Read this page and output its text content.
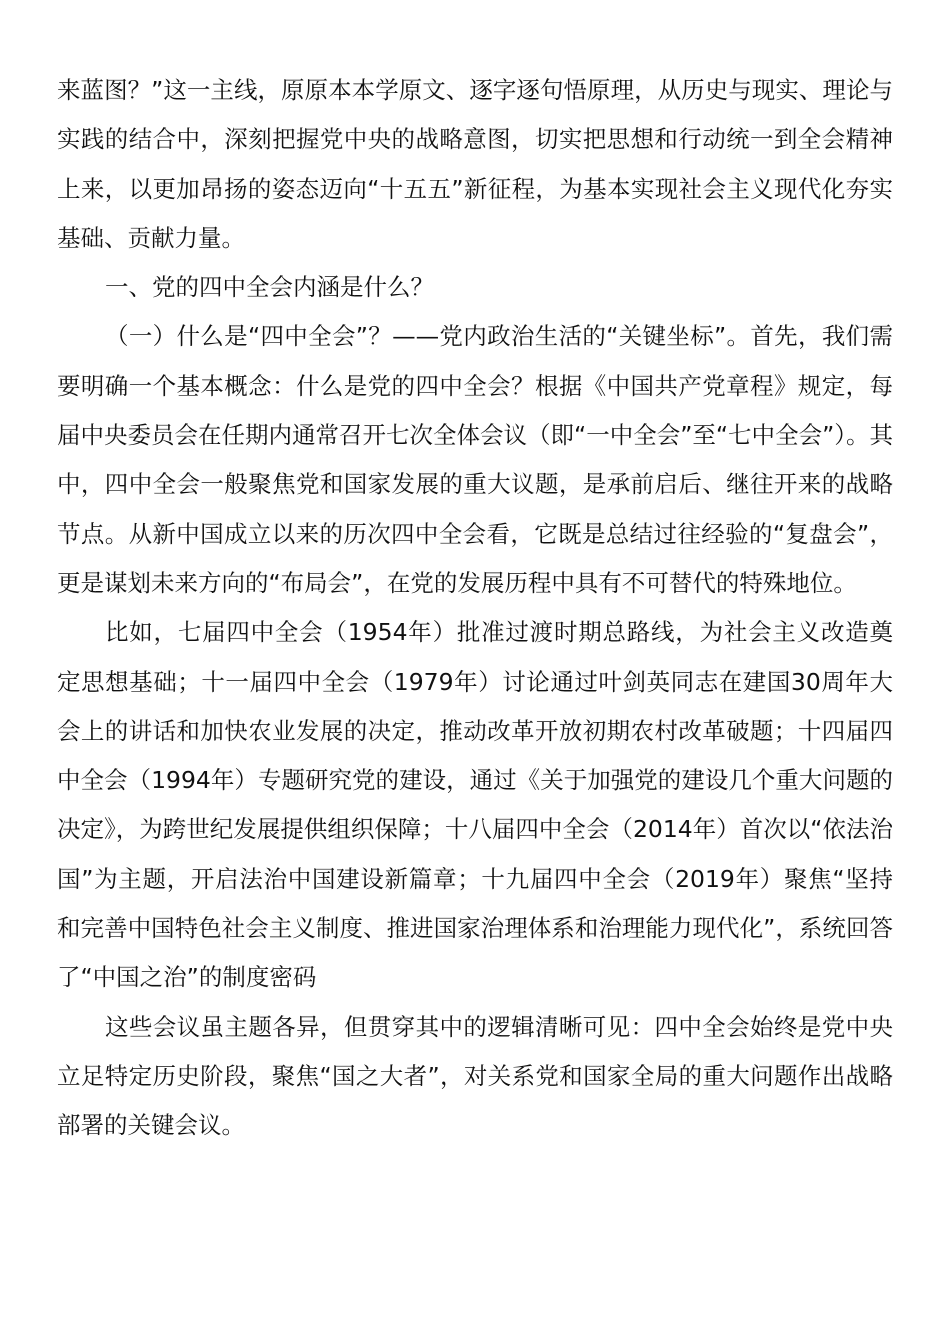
来蓝图？”这一主线，原原本本学原文、逐字逐句悟原理，从历史与现实、理论与实践的结合中，深刻把握党中央的战略意图，切实把思想和行动统一到全会精神上来，以更加昂扬的姿态迈向“十五五”新征程，为基本实现社会主义现代化夯实基础、贡献力量。

一、党的四中全会内涵是什么？

（一）什么是“四中全会”？——党内政治生活的“关键坐标”。首先，我们需要明确一个基本概念：什么是党的四中全会？根据《中国共产党章程》规定，每届中央委员会在任期内通常召开七次全体会议（即“一中全会”至“七中全会”）。其中，四中全会一般聚焦党和国家发展的重大议题，是承前启后、继往开来的战略节点。从新中国成立以来的历次四中全会看，它既是总结过往经验的“复盘会”，更是谋划未来方向的“布局会”，在党的发展历程中具有不可替代的特殊地位。

比如，七届四中全会（1954年）批准过渡时期总路线，为社会主义改造奠定思想基础；十一届四中全会（1979年）讨论通过叶剑英同志在建国30周年大会上的讲话和加快农业发展的决定，推动改革开放初期农村改革破题；十四届四中全会（1994年）专题研究党的建设，通过《关于加强党的建设几个重大问题的决定》，为跨世纪发展提供组织保障；十八届四中全会（2014年）首次以“依法治国”为主题，开启法治中国建设新篇章；十九届四中全会（2019年）聚焦“坚持和完善中国特色社会主义制度、推进国家治理体系和治理能力现代化”，系统回答了“中国之治”的制度密码

这些会议虽主题各异，但贯穿其中的逻辑清晰可见：四中全会始终是党中央立足特定历史阶段，聚焦“国之大者”，对关系党和国家全局的重大问题作出战略部署的关键会议。
